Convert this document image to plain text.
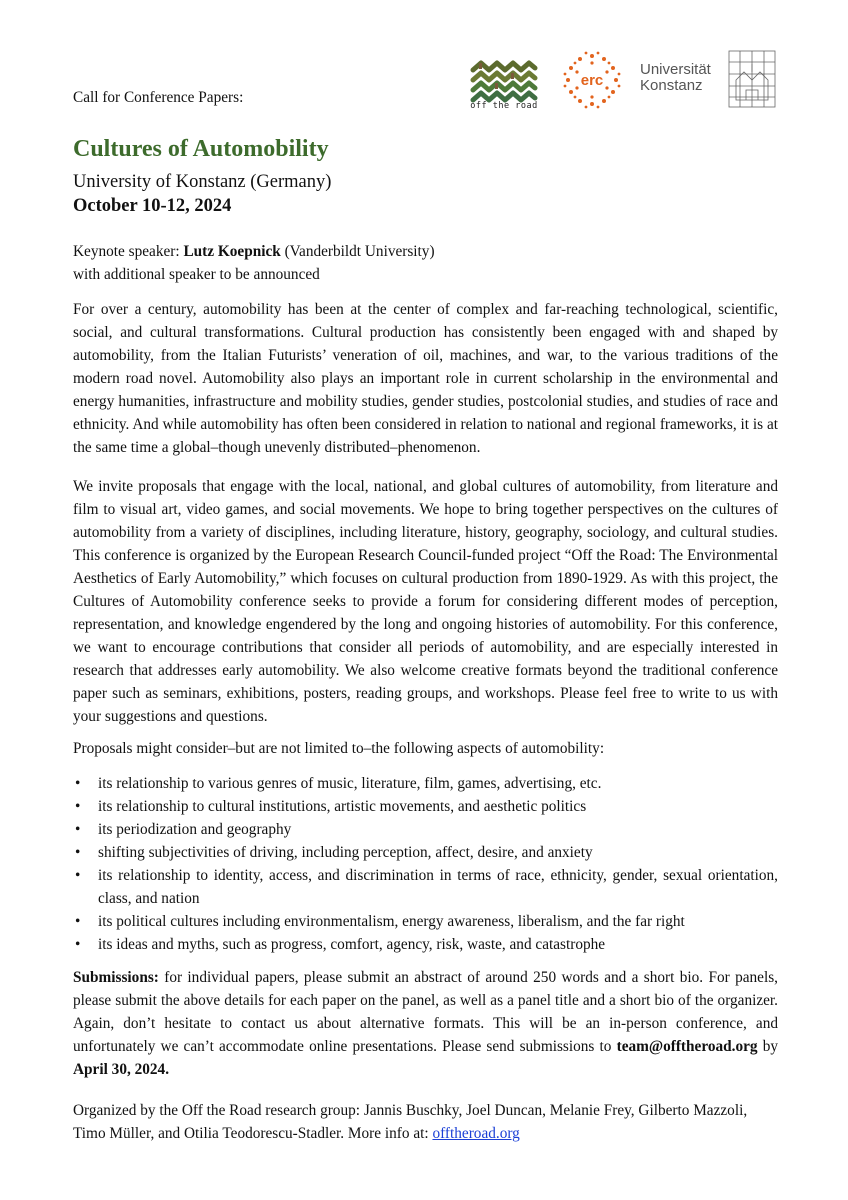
off the road
erc
Universität
Konstanz
Call for Conference Papers:
Cultures of Automobility
University of Konstanz (Germany)
October 10-12, 2024
Keynote speaker: Lutz Koepnick (Vanderbildt University)
with additional speaker to be announced
For over a century, automobility has been at the center of complex and far-reaching technological, scientific, social, and cultural transformations. Cultural production has consistently been engaged with and shaped by automobility, from the Italian Futurists’ veneration of oil, machines, and war, to the various traditions of the modern road novel. Automobility also plays an important role in current scholarship in the environmental and energy humanities, infrastructure and mobility studies, gender studies, postcolonial studies, and studies of race and ethnicity. And while automobility has often been considered in relation to national and regional frameworks, it is at the same time a global–though unevenly distributed–phenomenon.
We invite proposals that engage with the local, national, and global cultures of automobility, from literature and film to visual art, video games, and social movements. We hope to bring together perspectives on the cultures of automobility from a variety of disciplines, including literature, history, geography, sociology, and cultural studies. This conference is organized by the European Research Council-funded project “Off the Road: The Environmental Aesthetics of Early Automobility,” which focuses on cultural production from 1890-1929. As with this project, the Cultures of Automobility conference seeks to provide a forum for considering different modes of perception, representation, and knowledge engendered by the long and ongoing histories of automobility. For this conference, we want to encourage contributions that consider all periods of automobility, and are especially interested in research that addresses early automobility. We also welcome creative formats beyond the traditional conference paper such as seminars, exhibitions, posters, reading groups, and workshops. Please feel free to write to us with your suggestions and questions.
Proposals might consider–but are not limited to–the following aspects of automobility:
• its relationship to various genres of music, literature, film, games, advertising, etc.
• its relationship to cultural institutions, artistic movements, and aesthetic politics
• its periodization and geography
• shifting subjectivities of driving, including perception, affect, desire, and anxiety
• its relationship to identity, access, and discrimination in terms of race, ethnicity, gender, sexual orientation, class, and nation
• its political cultures including environmentalism, energy awareness, liberalism, and the far right
• its ideas and myths, such as progress, comfort, agency, risk, waste, and catastrophe
Submissions: for individual papers, please submit an abstract of around 250 words and a short bio. For panels, please submit the above details for each paper on the panel, as well as a panel title and a short bio of the organizer. Again, don’t hesitate to contact us about alternative formats. This will be an in-person conference, and unfortunately we can’t accommodate online presentations. Please send submissions to team@offtheroad.org by April 30, 2024.
Organized by the Off the Road research group: Jannis Buschky, Joel Duncan, Melanie Frey, Gilberto Mazzoli, Timo Müller, and Otilia Teodorescu-Stadler. More info at: offtheroad.org
